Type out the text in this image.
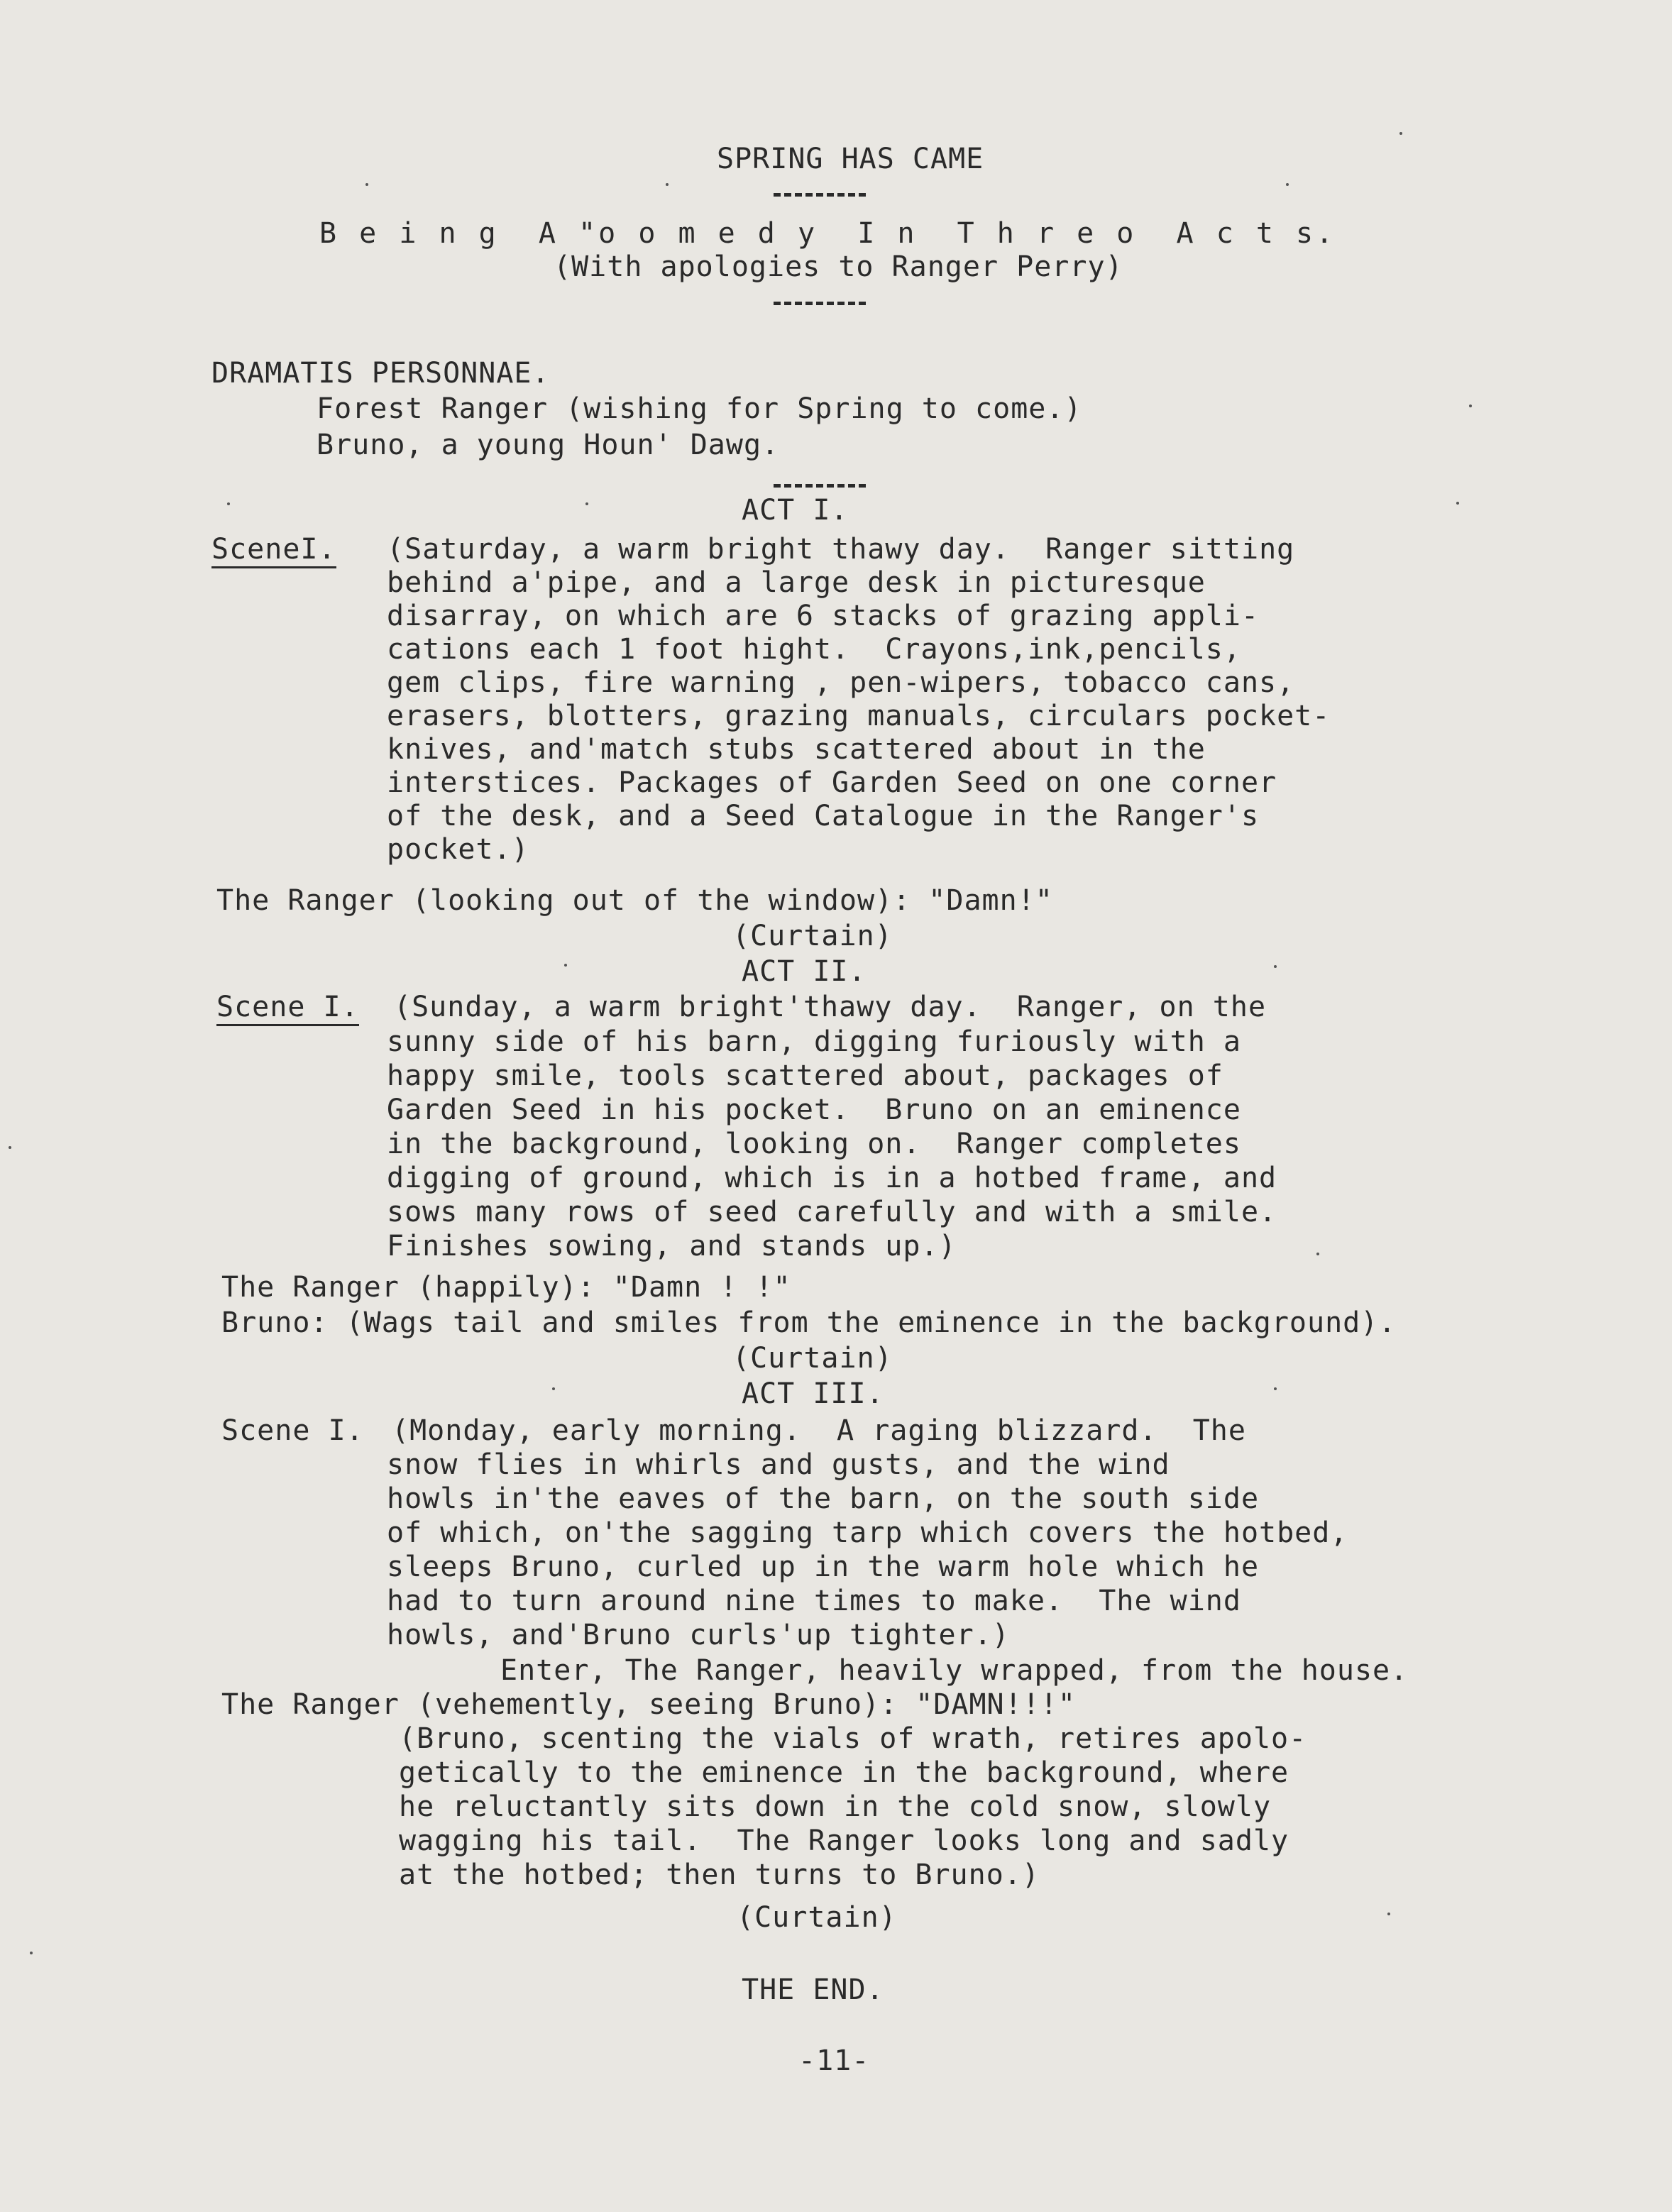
SPRING HAS CAME
B e i n g  A "o o m e d y  I n  T h r e o  A c t s.
(With apologies to Ranger Perry)
DRAMATIS PERSONNAE.
Forest Ranger (wishing for Spring to come.)
Bruno, a young Houn' Dawg.
ACT I.
SceneI. (Saturday, a warm bright thawy day.  Ranger sitting
behind a'pipe, and a large desk in picturesque
disarray, on which are 6 stacks of grazing appli-
cations each 1 foot hight.  Crayons,ink,pencils,
gem clips, fire warning , pen-wipers, tobacco cans,
erasers, blotters, grazing manuals, circulars pocket-
knives, and'match stubs scattered about in the
interstices. Packages of Garden Seed on one corner
of the desk, and a Seed Catalogue in the Ranger's
pocket.)
The Ranger (looking out of the window): "Damn!"
(Curtain)
ACT II.
Scene I. (Sunday, a warm bright'thawy day.  Ranger, on the
sunny side of his barn, digging furiously with a
happy smile, tools scattered about, packages of
Garden Seed in his pocket.  Bruno on an eminence
in the background, looking on.  Ranger completes
digging of ground, which is in a hotbed frame, and
sows many rows of seed carefully and with a smile.
Finishes sowing, and stands up.)
The Ranger (happily): "Damn ! !"
Bruno: (Wags tail and smiles from the eminence in the background).
(Curtain)
ACT III.
Scene I. (Monday, early morning.  A raging blizzard.  The
snow flies in whirls and gusts, and the wind
howls in'the eaves of the barn, on the south side
of which, on'the sagging tarp which covers the hotbed,
sleeps Bruno, curled up in the warm hole which he
had to turn around nine times to make.  The wind
howls, and'Bruno curls'up tighter.)
Enter, The Ranger, heavily wrapped, from the house.
The Ranger (vehemently, seeing Bruno): "DAMN!!!"
(Bruno, scenting the vials of wrath, retires apolo-
getically to the eminence in the background, where
he reluctantly sits down in the cold snow, slowly
wagging his tail.  The Ranger looks long and sadly
at the hotbed; then turns to Bruno.)
(Curtain)
THE END.
-11-
